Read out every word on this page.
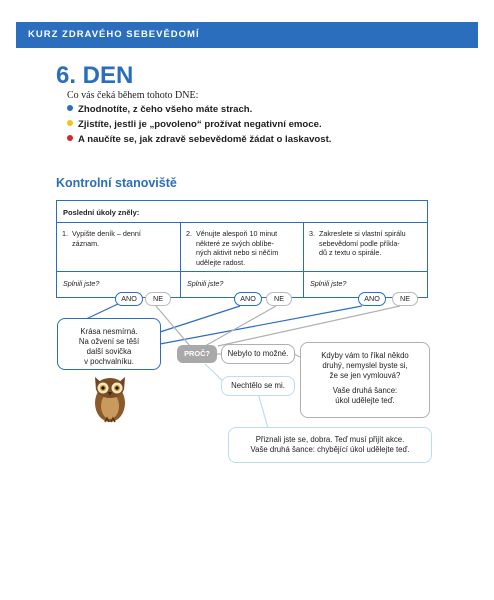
KURZ ZDRAVÉHO SEBEVĚDOMÍ
6. DEN
Co vás čeká během tohoto DNE:
Zhodnotíte, z čeho všeho máte strach.
Zjistíte, jestli je „povoleno“ prožívat negativní emoce.
A naučíte se, jak zdravě sebevědomě žádat o laskavost.
Kontrolní stanoviště
Poslední úkoly zněly:
1. Vypište deník – denní
záznam.
2. Věnujte alespoň 10 minut
některé ze svých oblíbe-
ných aktivit nebo si něčím
udělejte radost.
3. Zakreslete si vlastní spirálu
sebevědomí podle příkla-
dů z textu o spirále.
Splnili jste?	Splnili jste?	Splnili jste?
ANO	NE	ANO	NE	ANO	NE
Krása nesmírná.
Na ožvení se těší
další sovička
v pochvalníku.
PROČ?	Nebylo to možné.
Nechtělo se mi.
Kdyby vám to říkal někdo
druhý, nemyslel byste si,
že se jen vymlouvá?
Vaše druhá šance:
úkol udělejte teď.
Přiznali jste se, dobra. Teď musí přijít akce.
Vaše druhá šance: chybějící úkol udělejte teď.
